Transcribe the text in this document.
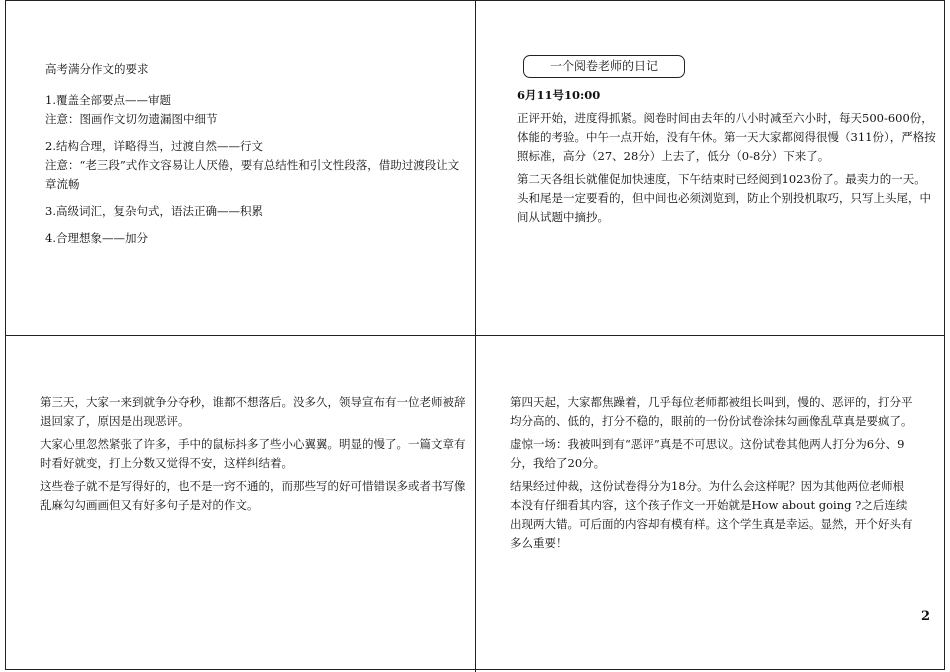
高考满分作文的要求
1.覆盖全部要点——审题
注意：图画作文切勿遗漏图中细节
2.结构合理，详略得当，过渡自然——行文
注意：“老三段”式作文容易让人厌倦，要有总结性和引文性段落，借助过渡段让文章流畅
3.高级词汇，复杂句式，语法正确——积累
4.合理想象——加分
一个阅卷老师的日记
6月11号10:00
正评开始，进度得抓紧。阅卷时间由去年的八小时减至六小时，每天500-600份，体能的考验。中午一点开始，没有午休。第一天大家都阅得很慢（311份），严格按照标准，高分（27、28分）上去了，低分（0-8分）下来了。
第二天各组长就催促加快速度，下午结束时已经阅到1023份了。最卖力的一天。头和尾是一定要看的，但中间也必须浏览到，防止个别投机取巧，只写上头尾，中间从试题中摘抄。
第三天，大家一来到就争分夺秒，谁都不想落后。没多久，领导宣布有一位老师被辞退回家了，原因是出现恶评。
大家心里忽然紧张了许多，手中的鼠标抖多了些小心翼翼。明显的慢了。一篇文章有时看好就变，打上分数又觉得不安，这样纠结着。
这些卷子就不是写得好的，也不是一窍不通的，而那些写的好可惜错误多或者书写像乱麻勾勾画画但又有好多句子是对的作文。
第四天起，大家都焦躁着，几乎每位老师都被组长叫到，慢的、恶评的，打分平均分高的、低的，打分不稳的，眼前的一份份试卷涂抹勾画像乱草真是要疯了。
虚惊一场：我被叫到有“恶评”真是不可思议。这份试卷其他两人打分为6分、9分，我给了20分。
结果经过仲裁，这份试卷得分为18分。为什么会这样呢？因为其他两位老师根本没有仔细看其内容，这个孩子作文一开始就是How about going ?之后连续出现两大错。可后面的内容却有模有样。这个学生真是幸运。显然，开个好头有多么重要！
2
